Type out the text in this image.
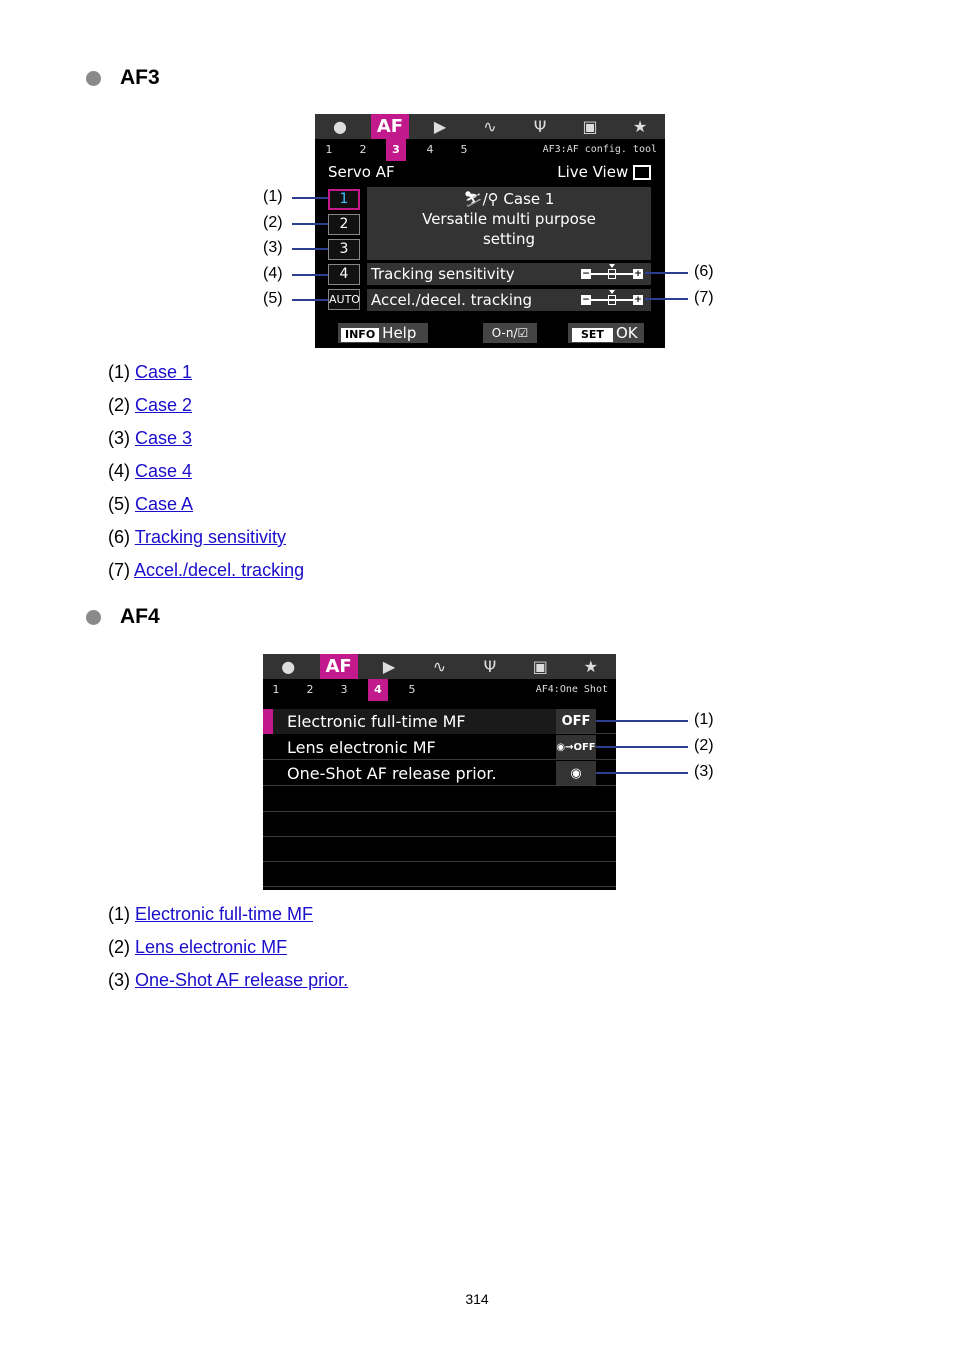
AF3
●	AF	▶	∿	Ψ	▣	★
1	2	3	4	5	AF3:AF config. tool
Servo AF	Live View
1
2
3
4
AUTO
⛷/⚲ Case 1
Versatile multi purpose
setting
Tracking sensitivity	−	+
Accel./decel. tracking	−	+
INFO Help	O-n/☑	SET OK
(1)
(2)
(3)
(4)
(5)
(6)
(7)
(1) Case 1
(2) Case 2
(3) Case 3
(4) Case 4
(5) Case A
(6) Tracking sensitivity
(7) Accel./decel. tracking
AF4
●	AF	▶	∿	Ψ	▣	★
1	2	3	4	5	AF4:One Shot
Electronic full-time MF	OFF
Lens electronic MF	◉→OFF
One-Shot AF release prior.	◉
(1)
(2)
(3)
(1) Electronic full-time MF
(2) Lens electronic MF
(3) One-Shot AF release prior.
314
